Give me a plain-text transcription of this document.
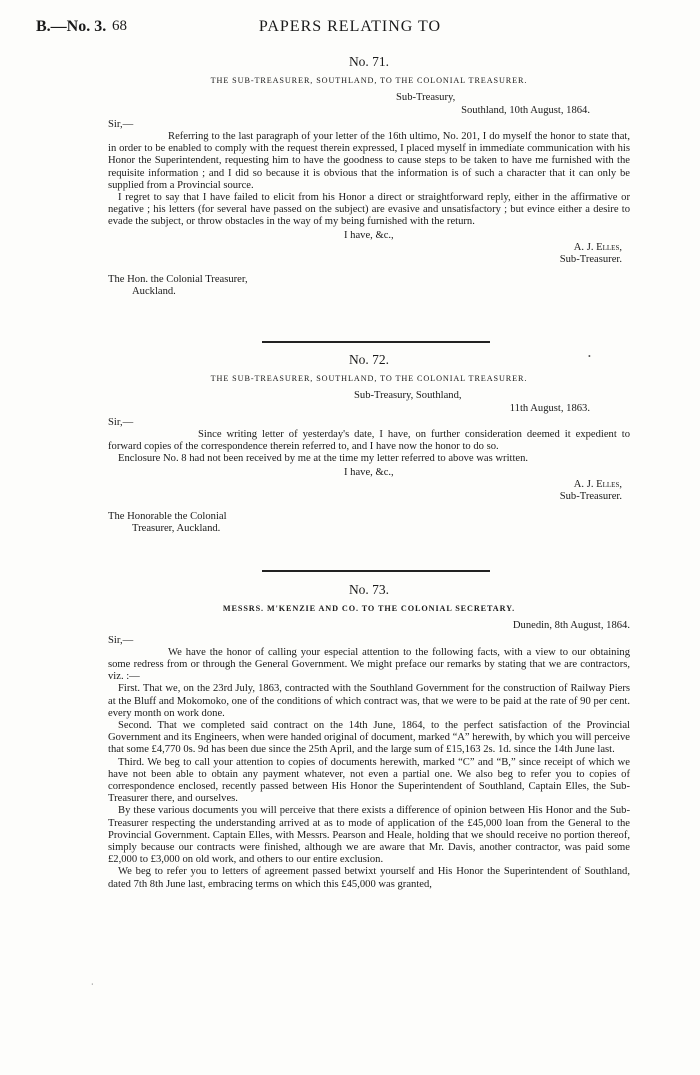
B.—No. 3. 68	PAPERS RELATING TO
No. 71.
THE SUB-TREASURER, SOUTHLAND, TO THE COLONIAL TREASURER.
Sub-Treasury,
Southland, 10th August, 1864.
Sir,—

Referring to the last paragraph of your letter of the 16th ultimo, No. 201, I do myself the honor to state that, in order to be enabled to comply with the request therein expressed, I placed myself in immediate communication with his Honor the Superintendent, requesting him to have the goodness to cause steps to be taken to have me furnished with the requisite information ; and I did so because it is obvious that the information is of such a character that it can only be supplied from a Provincial source.

I regret to say that I have failed to elicit from his Honor a direct or straightforward reply, either in the affirmative or negative ; his letters (for several have passed on the subject) are evasive and unsatisfactory ; but evince either a desire to evade the subject, or throw obstacles in the way of my being furnished with the return.

I have, &c.,
A. J. Elles,
Sub-Treasurer.
The Hon. the Colonial Treasurer,
Auckland.
No. 72.
THE SUB-TREASURER, SOUTHLAND, TO THE COLONIAL TREASURER.
Sub-Treasury, Southland,
11th August, 1863.
Sir,—

Since writing letter of yesterday's date, I have, on further consideration deemed it expedient to forward copies of the correspondence therein referred to, and I have now the honor to do so.

Enclosure No. 8 had not been received by me at the time my letter referred to above was written.

I have, &c.,
A. J. Elles,
Sub-Treasurer.
The Honorable the Colonial
Treasurer, Auckland.
No. 73.
MESSRS. M'KENZIE AND CO. TO THE COLONIAL SECRETARY.
Dunedin, 8th August, 1864.
Sir,—

We have the honor of calling your especial attention to the following facts, with a view to our obtaining some redress from or through the General Government. We might preface our remarks by stating that we are contractors, viz. :—

First. That we, on the 23rd July, 1863, contracted with the Southland Government for the construction of Railway Piers at the Bluff and Mokomoko, one of the conditions of which contract was, that we were to be paid at the rate of 90 per cent. every month on work done.

Second. That we completed said contract on the 14th June, 1864, to the perfect satisfaction of the Provincial Government and its Engineers, when were handed original of document, marked “A” herewith, by which you will perceive that some £4,770 0s. 9d has been due since the 25th April, and the large sum of £15,163 2s. 1d. since the 14th June last.

Third. We beg to call your attention to copies of documents herewith, marked “C” and “B,” since receipt of which we have not been able to obtain any payment whatever, not even a partial one. We also beg to refer you to copies of correspondence enclosed, recently passed between His Honor the Superintendent of Southland, Captain Elles, the Sub-Treasurer there, and ourselves.

By these various documents you will perceive that there exists a difference of opinion between His Honor and the Sub-Treasurer respecting the understanding arrived at as to mode of application of the £45,000 loan from the General to the Provincial Government. Captain Elles, with Messrs. Pearson and Heale, holding that we should receive no portion thereof, simply because our contracts were finished, although we are aware that Mr. Davis, another contractor, was paid some £2,000 to £3,000 on old work, and others to our entire exclusion.

We beg to refer you to letters of agreement passed betwixt yourself and His Honor the Superintendent of Southland, dated 7th 8th June last, embracing terms on which this £45,000 was granted,

‧
•
